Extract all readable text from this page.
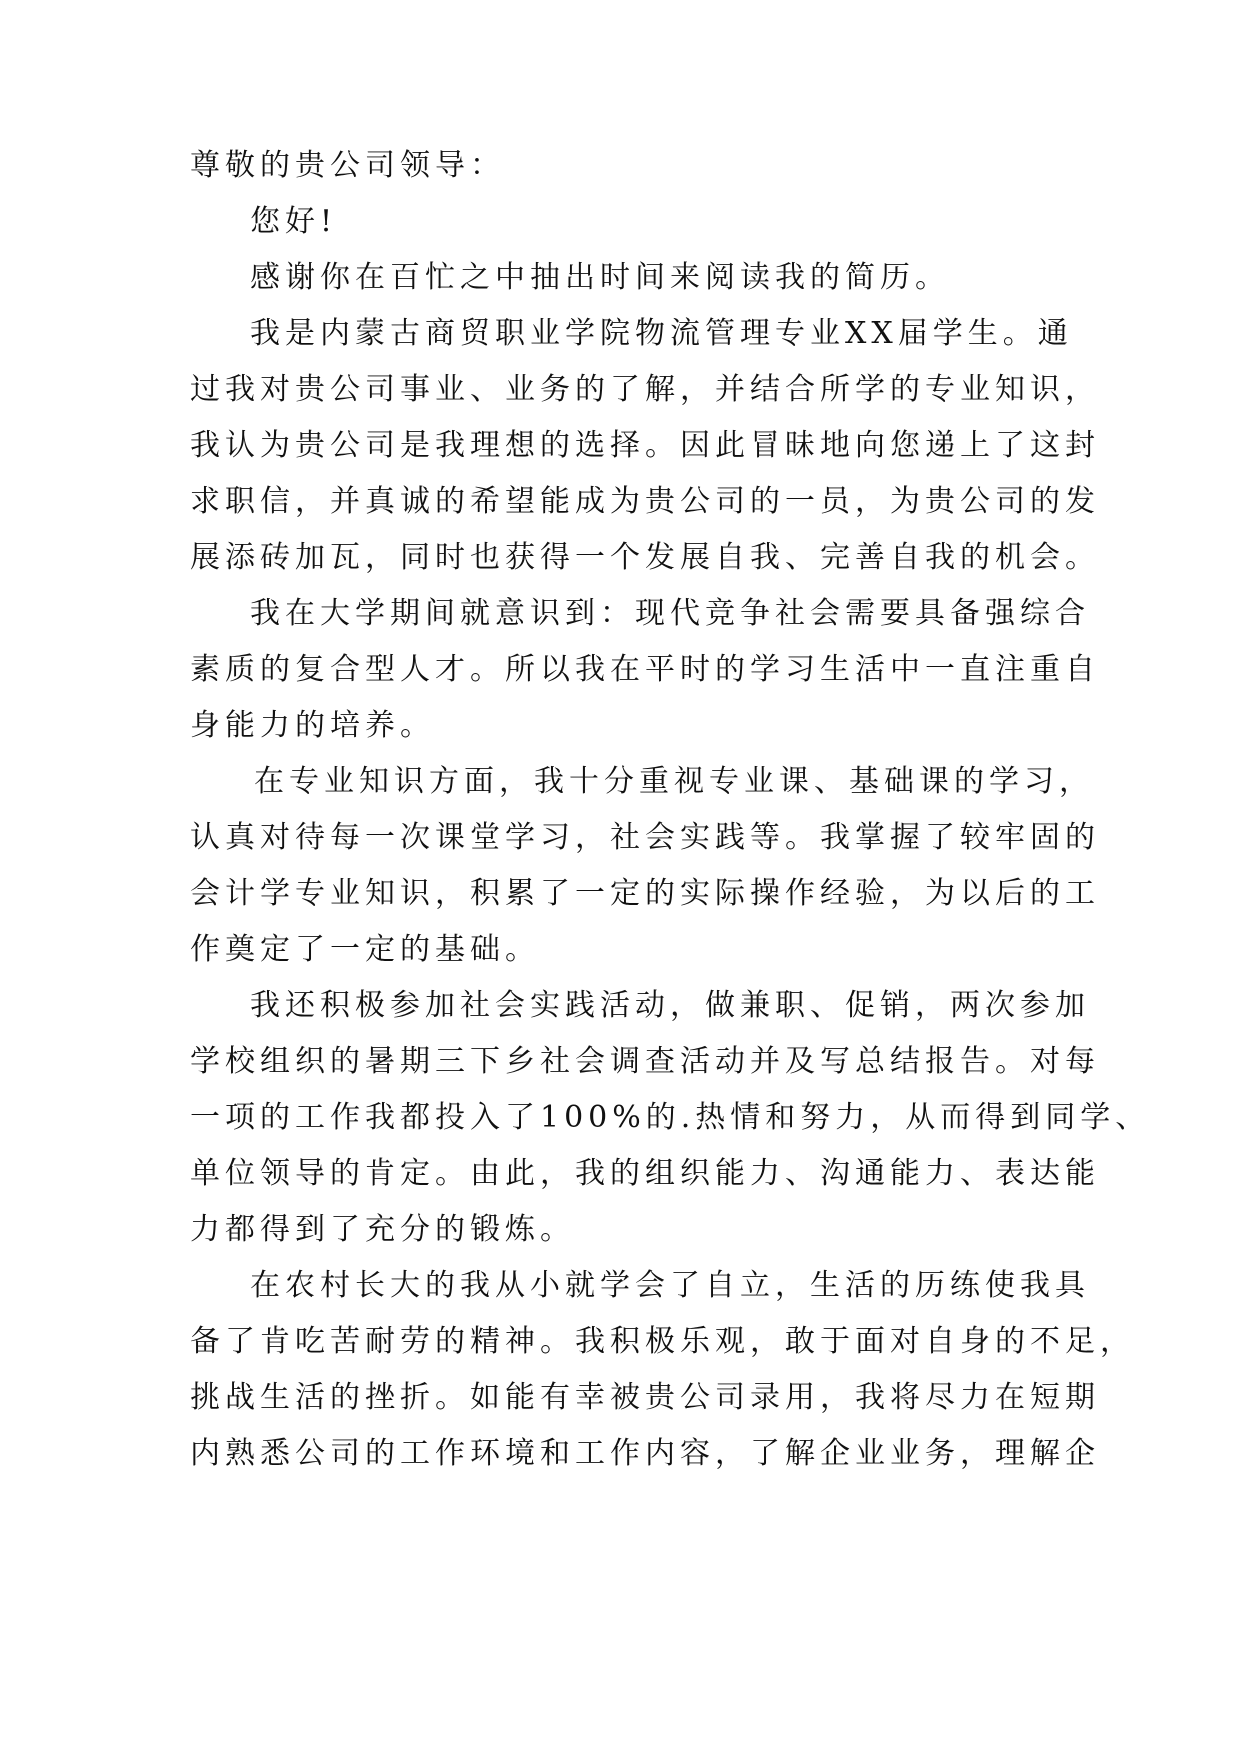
尊敬的贵公司领导：
您好!
感谢你在百忙之中抽出时间来阅读我的简历。
我是内蒙古商贸职业学院物流管理专业XX届学生。通
过我对贵公司事业、业务的了解，并结合所学的专业知识，
我认为贵公司是我理想的选择。因此冒昧地向您递上了这封
求职信，并真诚的希望能成为贵公司的一员，为贵公司的发
展添砖加瓦，同时也获得一个发展自我、完善自我的机会。
我在大学期间就意识到：现代竞争社会需要具备强综合
素质的复合型人才。所以我在平时的学习生活中一直注重自
身能力的培养。
在专业知识方面，我十分重视专业课、基础课的学习，
认真对待每一次课堂学习，社会实践等。我掌握了较牢固的
会计学专业知识，积累了一定的实际操作经验，为以后的工
作奠定了一定的基础。
我还积极参加社会实践活动，做兼职、促销，两次参加
学校组织的暑期三下乡社会调查活动并及写总结报告。对每
一项的工作我都投入了100%的.热情和努力，从而得到同学、
单位领导的肯定。由此，我的组织能力、沟通能力、表达能
力都得到了充分的锻炼。
在农村长大的我从小就学会了自立，生活的历练使我具
备了肯吃苦耐劳的精神。我积极乐观，敢于面对自身的不足，
挑战生活的挫折。如能有幸被贵公司录用，我将尽力在短期
内熟悉公司的工作环境和工作内容，了解企业业务，理解企
